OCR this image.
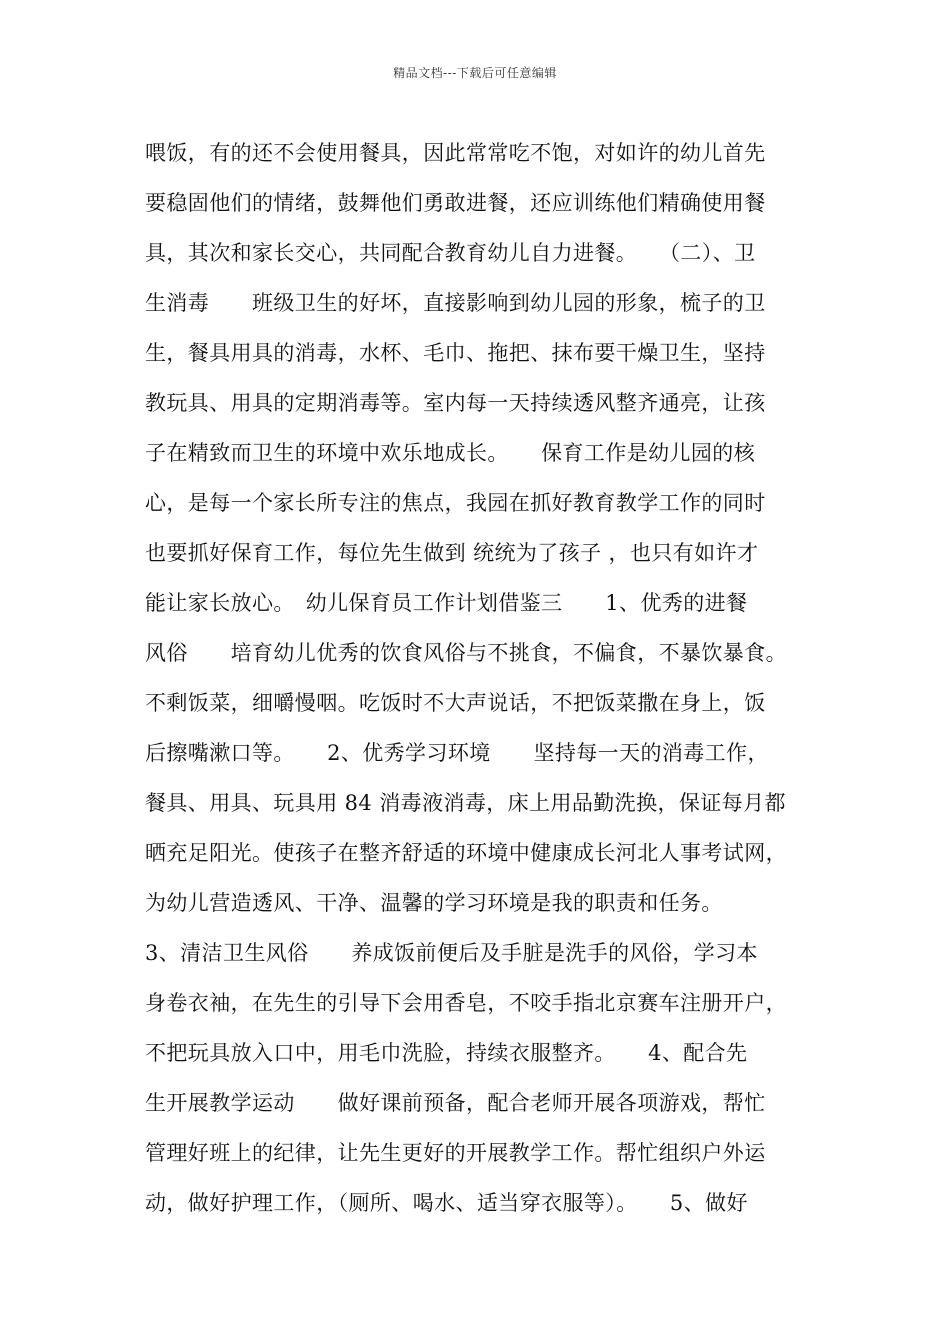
精品文档---下载后可任意编辑
喂饭，有的还不会使用餐具，因此常常吃不饱，对如许的幼儿首先
要稳固他们的情绪，鼓舞他们勇敢进餐，还应训练他们精确使用餐
具，其次和家长交心，共同配合教育幼儿自力进餐。　　（二）、卫
生消毒　　班级卫生的好坏，直接影响到幼儿园的形象，梳子的卫
生，餐具用具的消毒，水杯、毛巾、拖把、抹布要干燥卫生，坚持
教玩具、用具的定期消毒等。室内每一天持续透风整齐通亮，让孩
子在精致而卫生的环境中欢乐地成长。　　保育工作是幼儿园的核
心，是每一个家长所专注的焦点，我园在抓好教育教学工作的同时
也要抓好保育工作，每位先生做到 统统为了孩子 ，也只有如许才
能让家长放心。　幼儿保育员工作计划借鉴三　　1、优秀的进餐
风俗　　培育幼儿优秀的饮食风俗与不挑食，不偏食，不暴饮暴食。
不剩饭菜，细嚼慢咽。吃饭时不大声说话，不把饭菜撒在身上，饭
后擦嘴漱口等。　　2、优秀学习环境　　坚持每一天的消毒工作，
餐具、用具、玩具用 84 消毒液消毒，床上用品勤洗换，保证每月都
晒充足阳光。使孩子在整齐舒适的环境中健康成长河北人事考试网，
为幼儿营造透风、干净、温馨的学习环境是我的职责和任务。
3、清洁卫生风俗　　养成饭前便后及手脏是洗手的风俗，学习本
身卷衣袖，在先生的引导下会用香皂，不咬手指北京赛车注册开户，
不把玩具放入口中，用毛巾洗脸，持续衣服整齐。　　4、配合先
生开展教学运动　　做好课前预备，配合老师开展各项游戏，帮忙
管理好班上的纪律，让先生更好的开展教学工作。帮忙组织户外运
动，做好护理工作，（厕所、喝水、适当穿衣服等）。　　5、做好
